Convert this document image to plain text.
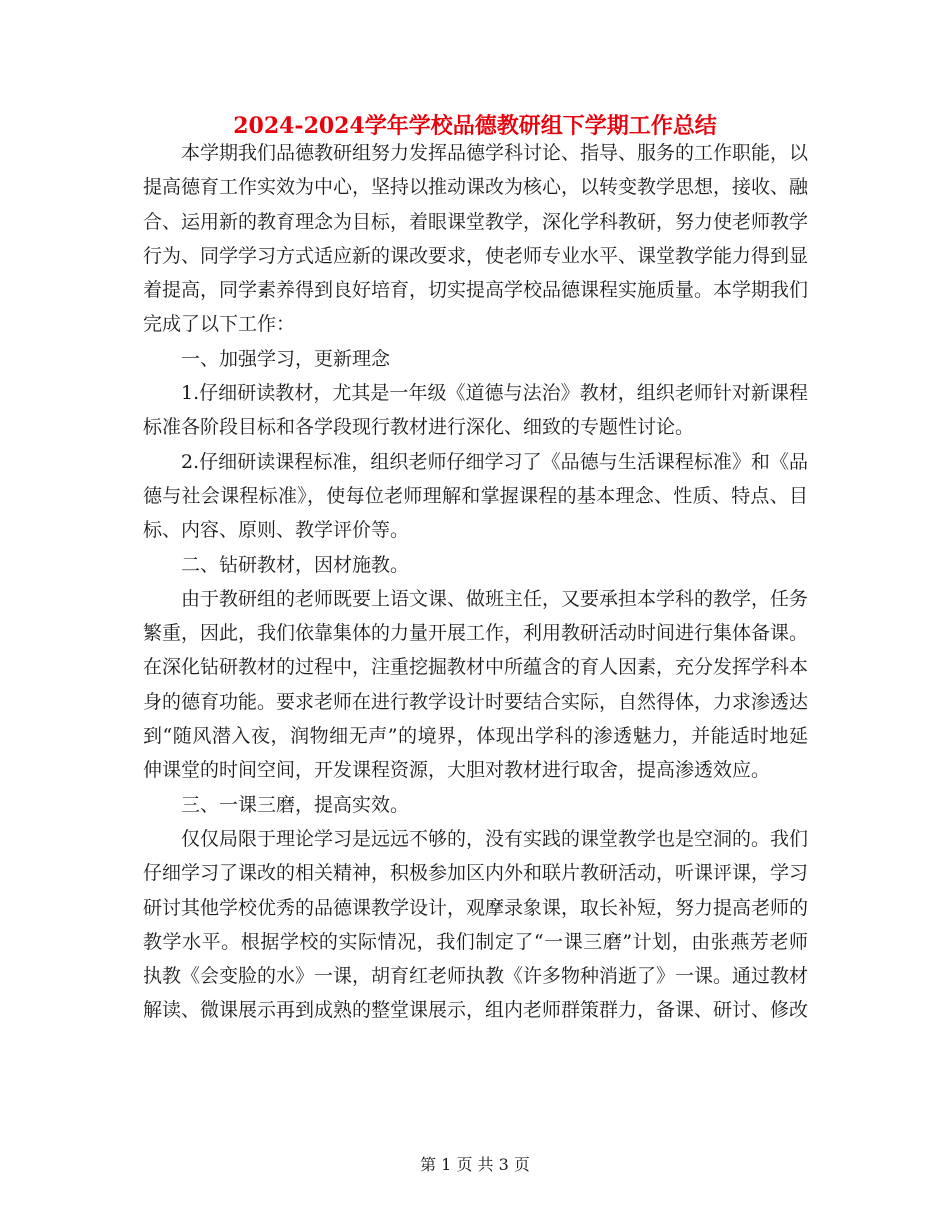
2024-2024学年学校品德教研组下学期工作总结

本学期我们品德教研组努力发挥品德学科讨论、指导、服务的工作职能，以提高德育工作实效为中心，坚持以推动课改为核心，以转变教学思想，接收、融合、运用新的教育理念为目标，着眼课堂教学，深化学科教研，努力使老师教学行为、同学学习方式适应新的课改要求，使老师专业水平、课堂教学能力得到显着提高，同学素养得到良好培育，切实提高学校品德课程实施质量。本学期我们完成了以下工作：

一、加强学习，更新理念

1.仔细研读教材，尤其是一年级《道德与法治》教材，组织老师针对新课程标准各阶段目标和各学段现行教材进行深化、细致的专题性讨论。

2.仔细研读课程标准，组织老师仔细学习了《品德与生活课程标准》和《品德与社会课程标准》，使每位老师理解和掌握课程的基本理念、性质、特点、目标、内容、原则、教学评价等。

二、钻研教材，因材施教。

由于教研组的老师既要上语文课、做班主任，又要承担本学科的教学，任务繁重，因此，我们依靠集体的力量开展工作，利用教研活动时间进行集体备课。在深化钻研教材的过程中，注重挖掘教材中所蕴含的育人因素，充分发挥学科本身的德育功能。要求老师在进行教学设计时要结合实际，自然得体，力求渗透达到“随风潜入夜，润物细无声”的境界，体现出学科的渗透魅力，并能适时地延伸课堂的时间空间，开发课程资源，大胆对教材进行取舍，提高渗透效应。

三、一课三磨，提高实效。

仅仅局限于理论学习是远远不够的，没有实践的课堂教学也是空洞的。我们仔细学习了课改的相关精神，积极参加区内外和联片教研活动，听课评课，学习研讨其他学校优秀的品德课教学设计，观摩录象课，取长补短，努力提高老师的教学水平。根据学校的实际情况，我们制定了“一课三磨”计划，由张燕芳老师执教《会变脸的水》一课，胡育红老师执教《许多物种消逝了》一课。通过教材解读、微课展示再到成熟的整堂课展示，组内老师群策群力，备课、研讨、修改

第 1 页 共 3 页
